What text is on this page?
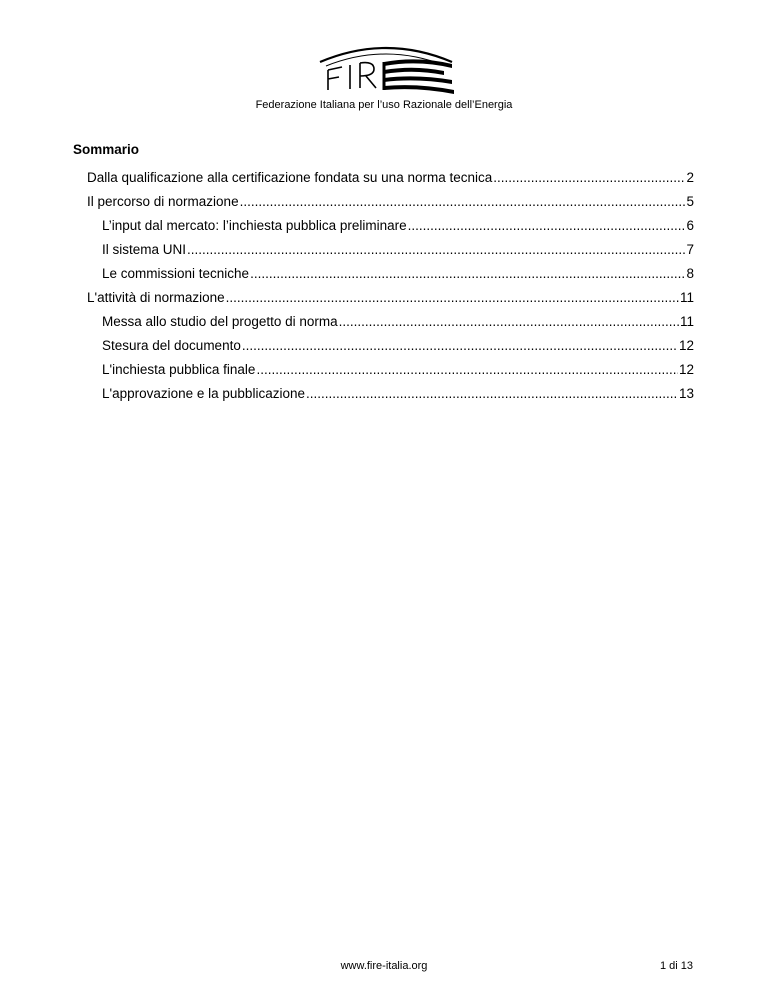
FIRE
Federazione Italiana per l’uso Razionale dell’Energia
Sommario
Dalla qualificazione alla certificazione fondata su una norma tecnica .....	2
Il percorso di normazione .....	5
L’input dal mercato: l’inchiesta pubblica preliminare .....	6
Il sistema UNI .....	7
Le commissioni tecniche .....	8
L'attività di normazione .....	11
Messa allo studio del progetto di norma .....	11
Stesura del documento .....	12
L'inchiesta pubblica finale .....	12
L'approvazione e la pubblicazione .....	13
www.fire-italia.org	1 di 13
